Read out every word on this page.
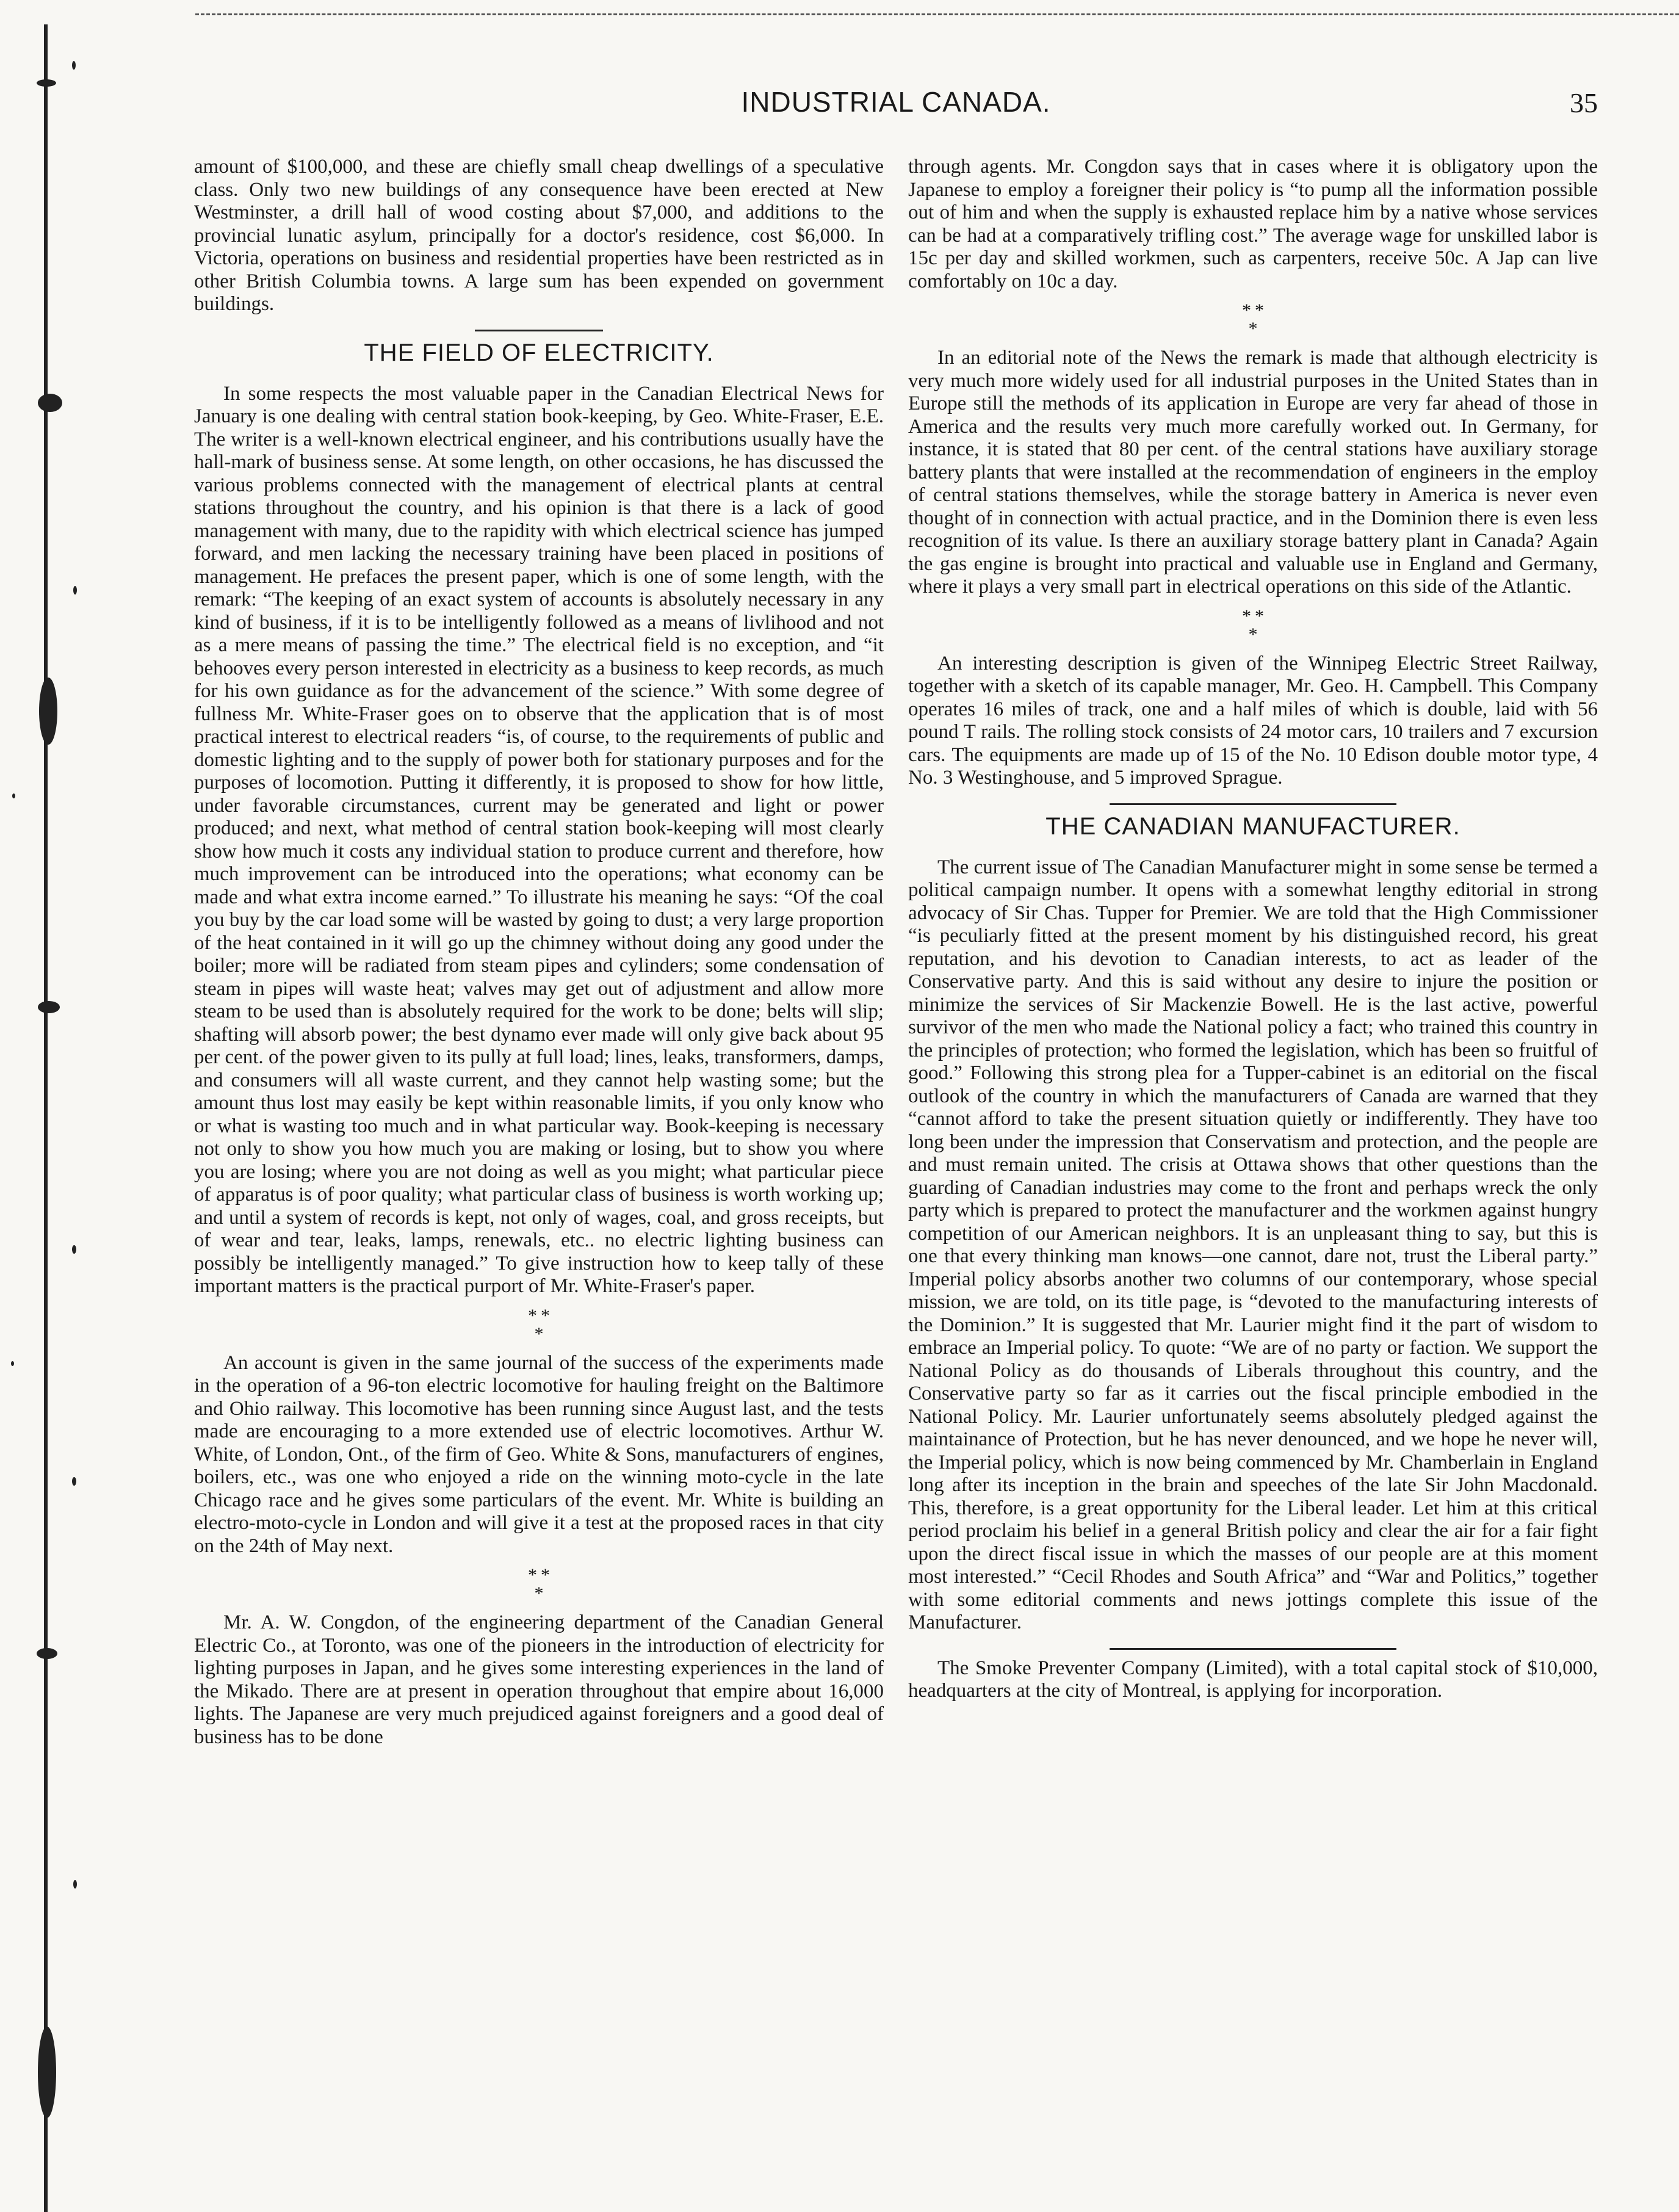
INDUSTRIAL CANADA.	35

amount of $100,000, and these are chiefly small cheap dwellings of a speculative class. Only two new buildings of any consequence have been erected at New Westminster, a drill hall of wood costing about $7,000, and additions to the provincial lunatic asylum, principally for a doctor's residence, cost $6,000. In Victoria, operations on business and residential properties have been restricted as in other British Columbia towns. A large sum has been expended on government buildings.

THE FIELD OF ELECTRICITY.

In some respects the most valuable paper in the Canadian Electrical News for January is one dealing with central station book-keeping, by Geo. White-Fraser, E.E. The writer is a well-known electrical engineer, and his contributions usually have the hall-mark of business sense. At some length, on other occasions, he has discussed the various problems connected with the management of electrical plants at central stations throughout the country, and his opinion is that there is a lack of good management with many, due to the rapidity with which electrical science has jumped forward, and men lacking the necessary training have been placed in positions of management. He prefaces the present paper, which is one of some length, with the remark: “The keeping of an exact system of accounts is absolutely necessary in any kind of business, if it is to be intelligently followed as a means of livlihood and not as a mere means of passing the time.” The electrical field is no exception, and “it behooves every person interested in electricity as a business to keep records, as much for his own guidance as for the advancement of the science.” With some degree of fullness Mr. White-Fraser goes on to observe that the application that is of most practical interest to electrical readers “is, of course, to the requirements of public and domestic lighting and to the supply of power both for stationary purposes and for the purposes of locomotion. Putting it differently, it is proposed to show for how little, under favorable circumstances, current may be generated and light or power produced; and next, what method of central station book-keeping will most clearly show how much it costs any individual station to produce current and therefore, how much improvement can be introduced into the operations; what economy can be made and what extra income earned.” To illustrate his meaning he says: “Of the coal you buy by the car load some will be wasted by going to dust; a very large proportion of the heat contained in it will go up the chimney without doing any good under the boiler; more will be radiated from steam pipes and cylinders; some condensation of steam in pipes will waste heat; valves may get out of adjustment and allow more steam to be used than is absolutely required for the work to be done; belts will slip; shafting will absorb power; the best dynamo ever made will only give back about 95 per cent. of the power given to its pully at full load; lines, leaks, transformers, damps, and consumers will all waste current, and they cannot help wasting some; but the amount thus lost may easily be kept within reasonable limits, if you only know who or what is wasting too much and in what particular way. Book-keeping is necessary not only to show you how much you are making or losing, but to show you where you are losing; where you are not doing as well as you might; what particular piece of apparatus is of poor quality; what particular class of business is worth working up; and until a system of records is kept, not only of wages, coal, and gross receipts, but of wear and tear, leaks, lamps, renewals, etc.. no electric lighting business can possibly be intelligently managed.” To give instruction how to keep tally of these important matters is the practical purport of Mr. White-Fraser's paper.

* *
*

An account is given in the same journal of the success of the experiments made in the operation of a 96-ton electric locomotive for hauling freight on the Baltimore and Ohio railway. This locomotive has been running since August last, and the tests made are encouraging to a more extended use of electric locomotives. Arthur W. White, of London, Ont., of the firm of Geo. White & Sons, manufacturers of engines, boilers, etc., was one who enjoyed a ride on the winning moto-cycle in the late Chicago race and he gives some particulars of the event. Mr. White is building an electro-moto-cycle in London and will give it a test at the proposed races in that city on the 24th of May next.

* *
*

Mr. A. W. Congdon, of the engineering department of the Canadian General Electric Co., at Toronto, was one of the pioneers in the introduction of electricity for lighting purposes in Japan, and he gives some interesting experiences in the land of the Mikado. There are at present in operation throughout that empire about 16,000 lights. The Japanese are very much prejudiced against foreigners and a good deal of business has to be done

through agents. Mr. Congdon says that in cases where it is obligatory upon the Japanese to employ a foreigner their policy is “to pump all the information possible out of him and when the supply is exhausted replace him by a native whose services can be had at a comparatively trifling cost.” The average wage for unskilled labor is 15c per day and skilled workmen, such as carpenters, receive 50c. A Jap can live comfortably on 10c a day.

* *
*

In an editorial note of the News the remark is made that although electricity is very much more widely used for all industrial purposes in the United States than in Europe still the methods of its application in Europe are very far ahead of those in America and the results very much more carefully worked out. In Germany, for instance, it is stated that 80 per cent. of the central stations have auxiliary storage battery plants that were installed at the recommendation of engineers in the employ of central stations themselves, while the storage battery in America is never even thought of in connection with actual practice, and in the Dominion there is even less recognition of its value. Is there an auxiliary storage battery plant in Canada? Again the gas engine is brought into practical and valuable use in England and Germany, where it plays a very small part in electrical operations on this side of the Atlantic.

* *
*

An interesting description is given of the Winnipeg Electric Street Railway, together with a sketch of its capable manager, Mr. Geo. H. Campbell. This Company operates 16 miles of track, one and a half miles of which is double, laid with 56 pound T rails. The rolling stock consists of 24 motor cars, 10 trailers and 7 excursion cars. The equipments are made up of 15 of the No. 10 Edison double motor type, 4 No. 3 Westinghouse, and 5 improved Sprague.

THE CANADIAN MANUFACTURER.

The current issue of The Canadian Manufacturer might in some sense be termed a political campaign number. It opens with a somewhat lengthy editorial in strong advocacy of Sir Chas. Tupper for Premier. We are told that the High Commissioner “is peculiarly fitted at the present moment by his distinguished record, his great reputation, and his devotion to Canadian interests, to act as leader of the Conservative party. And this is said without any desire to injure the position or minimize the services of Sir Mackenzie Bowell. He is the last active, powerful survivor of the men who made the National policy a fact; who trained this country in the principles of protection; who formed the legislation, which has been so fruitful of good.” Following this strong plea for a Tupper-cabinet is an editorial on the fiscal outlook of the country in which the manufacturers of Canada are warned that they “cannot afford to take the present situation quietly or indifferently. They have too long been under the impression that Conservatism and protection, and the people are and must remain united. The crisis at Ottawa shows that other questions than the guarding of Canadian industries may come to the front and perhaps wreck the only party which is prepared to protect the manufacturer and the workmen against hungry competition of our American neighbors. It is an unpleasant thing to say, but this is one that every thinking man knows—one cannot, dare not, trust the Liberal party.” Imperial policy absorbs another two columns of our contemporary, whose special mission, we are told, on its title page, is “devoted to the manufacturing interests of the Dominion.” It is suggested that Mr. Laurier might find it the part of wisdom to embrace an Imperial policy. To quote: “We are of no party or faction. We support the National Policy as do thousands of Liberals throughout this country, and the Conservative party so far as it carries out the fiscal principle embodied in the National Policy. Mr. Laurier unfortunately seems absolutely pledged against the maintainance of Protection, but he has never denounced, and we hope he never will, the Imperial policy, which is now being commenced by Mr. Chamberlain in England long after its inception in the brain and speeches of the late Sir John Macdonald. This, therefore, is a great opportunity for the Liberal leader. Let him at this critical period proclaim his belief in a general British policy and clear the air for a fair fight upon the direct fiscal issue in which the masses of our people are at this moment most interested.” “Cecil Rhodes and South Africa” and “War and Politics,” together with some editorial comments and news jottings complete this issue of the Manufacturer.

The Smoke Preventer Company (Limited), with a total capital stock of $10,000, headquarters at the city of Montreal, is applying for incorporation.
